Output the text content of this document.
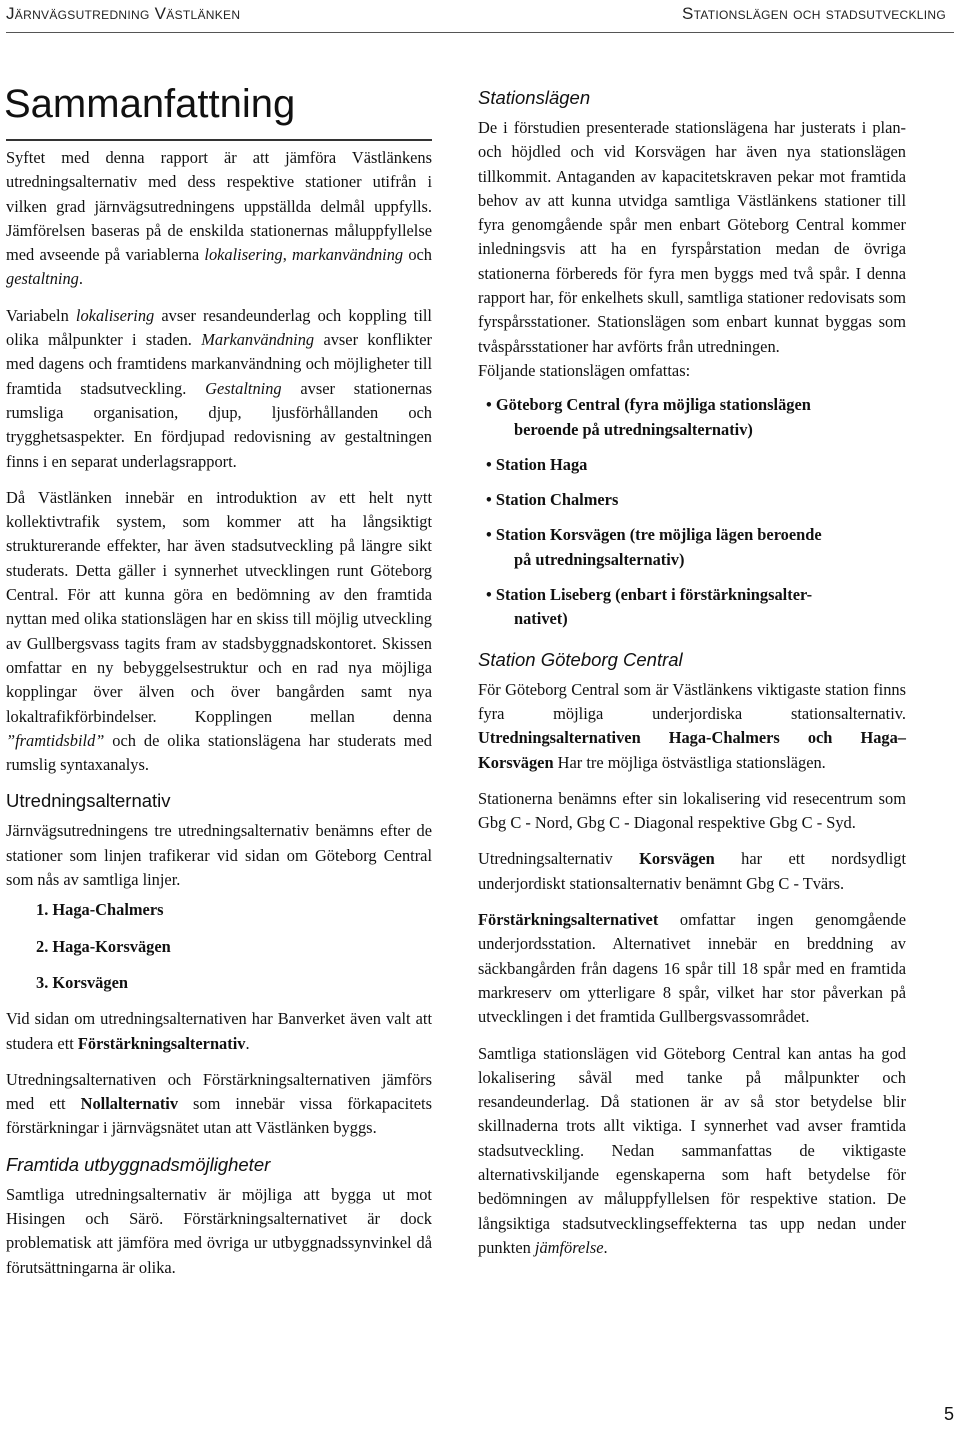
Järnvägsutredning Västlänken	Stationslägen och stadsutveckling
Sammanfattning

Syftet med denna rapport är att jämföra Västlänkens utredningsalternativ med dess respektive stationer utifrån i vilken grad järnvägsutredningens uppställda delmål uppfylls. Jämförelsen baseras på de enskilda stationernas måluppfyllelse med avseende på variablerna lokalisering, markanvändning och gestaltning.

Variabeln lokalisering avser resandeunderlag och koppling till olika målpunkter i staden. Markanvändning avser konflikter med dagens och framtidens markanvändning och möjligheter till framtida stadsutveckling. Gestaltning avser stationernas rumsliga organisation, djup, ljusförhållanden och trygghetsaspekter. En fördjupad redovisning av gestaltningen finns i en separat underlagsrapport.

Då Västlänken innebär en introduktion av ett helt nytt kollektivtrafik system, som kommer att ha långsiktigt strukturerande effekter, har även stadsutveckling på längre sikt studerats. Detta gäller i synnerhet utvecklingen runt Göteborg Central. För att kunna göra en bedömning av den framtida nyttan med olika stationslägen har en skiss till möjlig utveckling av Gullbergsvass tagits fram av stadsbyggnadskontoret. Skissen omfattar en ny bebyggelsestruktur och en rad nya möjliga kopplingar över älven och över bangården samt nya lokaltrafikförbindelser. Kopplingen mellan denna ”framtidsbild” och de olika stationslägena har studerats med rumslig syntaxanalys.

Utredningsalternativ

Järnvägsutredningens tre utredningsalternativ benämns efter de stationer som linjen trafikerar vid sidan om Göteborg Central som nås av samtliga linjer.

1. Haga-Chalmers
2. Haga-Korsvägen
3. Korsvägen

Vid sidan om utredningsalternativen har Banverket även valt att studera ett Förstärkningsalternativ.

Utredningsalternativen och Förstärkningsalternativen jämförs med ett Nollalternativ som innebär vissa förkapacitets förstärkningar i järnvägsnätet utan att Västlänken byggs.

Framtida utbyggnadsmöjligheter

Samtliga utredningsalternativ är möjliga att bygga ut mot Hisingen och Särö. Förstärkningsalternativet är dock problematisk att jämföra med övriga ur utbyggnadssynvinkel då förutsättningarna är olika.

Stationslägen

De i förstudien presenterade stationslägena har justerats i plan- och höjdled och vid Korsvägen har även nya stationslägen tillkommit. Antaganden av kapacitetskraven pekar mot framtida behov av att kunna utvidga samtliga Västlänkens stationer till fyra genomgående spår men enbart Göteborg Central kommer inledningsvis att ha en fyrspårstation medan de övriga stationerna förbereds för fyra men byggs med två spår. I denna rapport har, för enkelhets skull, samtliga stationer redovisats som fyrspårsstationer. Stationslägen som enbart kunnat byggas som tvåspårsstationer har avförts från utredningen.

Följande stationslägen omfattas:

• Göteborg Central (fyra möjliga stationslägen
beroende på utredningsalternativ)
• Station Haga
• Station Chalmers
• Station Korsvägen (tre möjliga lägen beroende
på utredningsalternativ)
• Station Liseberg (enbart i förstärkningsalter-
nativet)
Station Göteborg Central

För Göteborg Central som är Västlänkens viktigaste station finns fyra möjliga underjordiska stationsalternativ. Utredningsalternativen Haga-Chalmers och Haga–Korsvägen Har tre möjliga östvästliga stationslägen.

Stationerna benämns efter sin lokalisering vid resecentrum som Gbg C - Nord, Gbg C - Diagonal respektive Gbg C - Syd.

Utredningsalternativ Korsvägen har ett nordsydligt underjordiskt stationsalternativ benämnt Gbg C - Tvärs.

Förstärkningsalternativet omfattar ingen genomgående underjordsstation. Alternativet innebär en breddning av säckbangården från dagens 16 spår till 18 spår med en framtida markreserv om ytterligare 8 spår, vilket har stor påverkan på utvecklingen i det framtida Gullbergsvassområdet.

Samtliga stationslägen vid Göteborg Central kan antas ha god lokalisering såväl med tanke på målpunkter och resandeunderlag. Då stationen är av så stor betydelse blir skillnaderna trots allt viktiga. I synnerhet vad avser framtida stadsutveckling. Nedan sammanfattas de viktigaste alternativskiljande egenskaperna som haft betydelse för bedömningen av måluppfyllelsen för respektive station. De långsiktiga stadsutvecklingseffekterna tas upp nedan under punkten jämförelse.

5
